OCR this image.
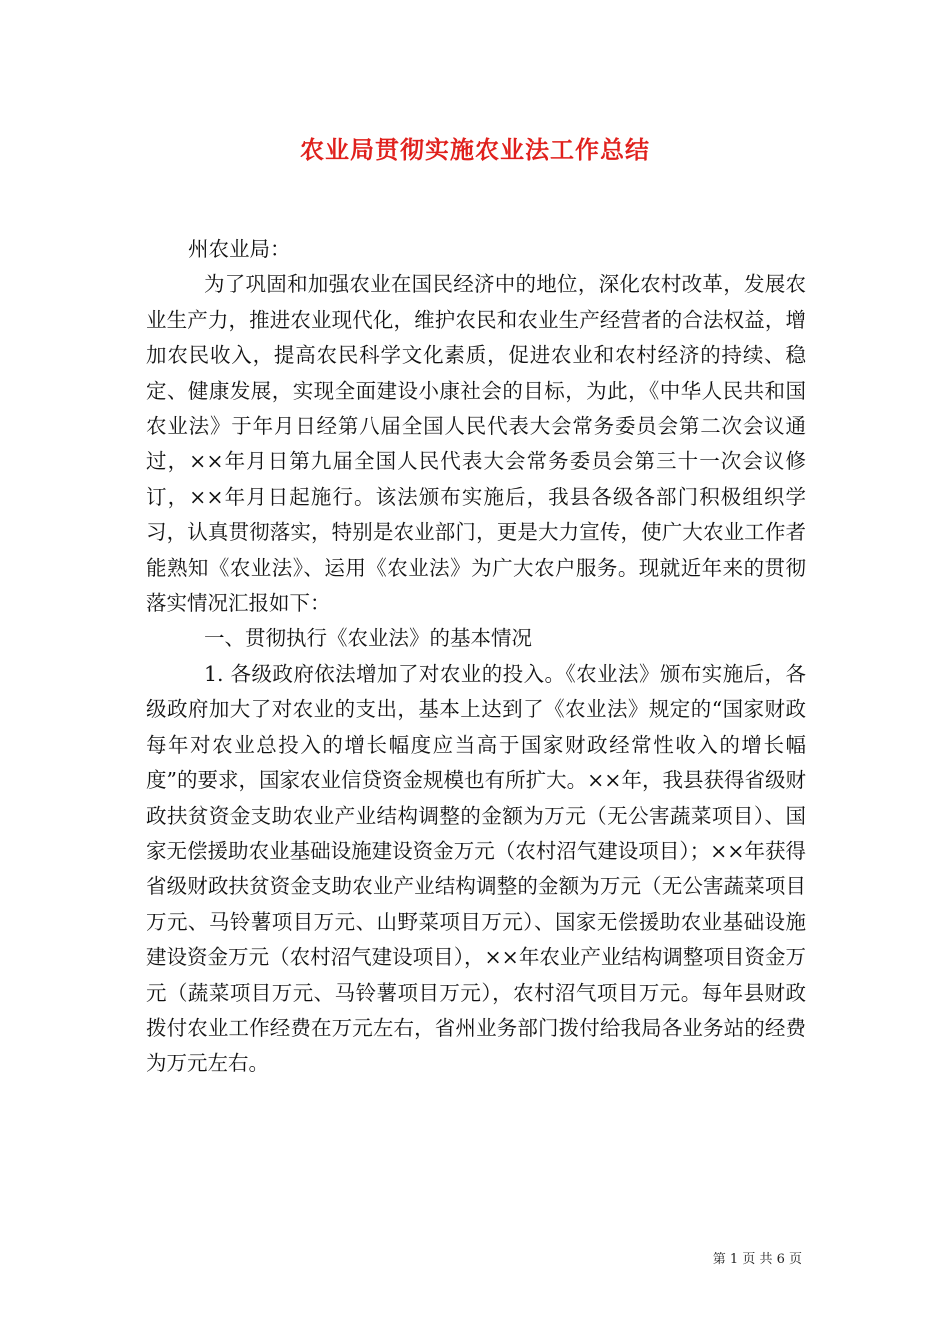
农业局贯彻实施农业法工作总结

州农业局：

为了巩固和加强农业在国民经济中的地位，深化农村改革，发展农业生产力，推进农业现代化，维护农民和农业生产经营者的合法权益，增加农民收入，提高农民科学文化素质，促进农业和农村经济的持续、稳定、健康发展，实现全面建设小康社会的目标，为此，《中华人民共和国农业法》于年月日经第八届全国人民代表大会常务委员会第二次会议通过，××年月日第九届全国人民代表大会常务委员会第三十一次会议修订，××年月日起施行。该法颁布实施后，我县各级各部门积极组织学习，认真贯彻落实，特别是农业部门，更是大力宣传，使广大农业工作者能熟知《农业法》、运用《农业法》为广大农户服务。现就近年来的贯彻落实情况汇报如下：

一、贯彻执行《农业法》的基本情况

1. 各级政府依法增加了对农业的投入。《农业法》颁布实施后，各级政府加大了对农业的支出，基本上达到了《农业法》规定的“国家财政每年对农业总投入的增长幅度应当高于国家财政经常性收入的增长幅度”的要求，国家农业信贷资金规模也有所扩大。××年，我县获得省级财政扶贫资金支助农业产业结构调整的金额为万元（无公害蔬菜项目）、国家无偿援助农业基础设施建设资金万元（农村沼气建设项目）；××年获得省级财政扶贫资金支助农业产业结构调整的金额为万元（无公害蔬菜项目万元、马铃薯项目万元、山野菜项目万元）、国家无偿援助农业基础设施建设资金万元（农村沼气建设项目），××年农业产业结构调整项目资金万元（蔬菜项目万元、马铃薯项目万元），农村沼气项目万元。每年县财政拨付农业工作经费在万元左右，省州业务部门拨付给我局各业务站的经费为万元左右。

第 1 页 共 6 页
